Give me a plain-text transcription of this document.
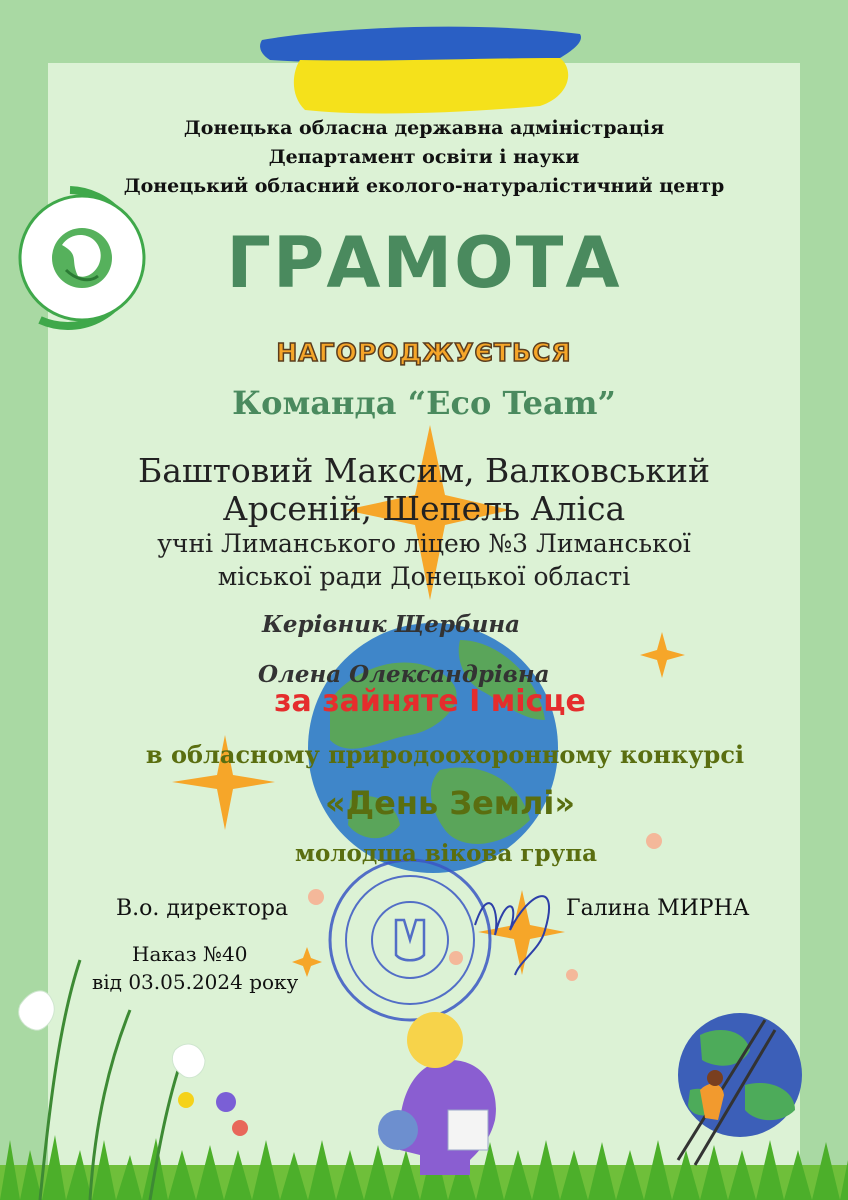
Донецька обласна державна адміністрація
Департамент освіти і науки
Донецький обласний еколого-натуралістичний центр
ГРАМОТА
НАГОРОДЖУЄТЬСЯ
Команда “Eco Team”
Баштовий Максим, Валковський
Арсеній, Шепель Аліса
учні Лиманського ліцею №3 Лиманської
міської ради Донецької області
Керівник Щербина
Олена Олександрівна
за зайняте I місце
в обласному природоохоронному конкурсі
«День Землі»
молодша вікова група
В.о. директора	Галина МИРНА
Наказ №40
від 03.05.2024 року
